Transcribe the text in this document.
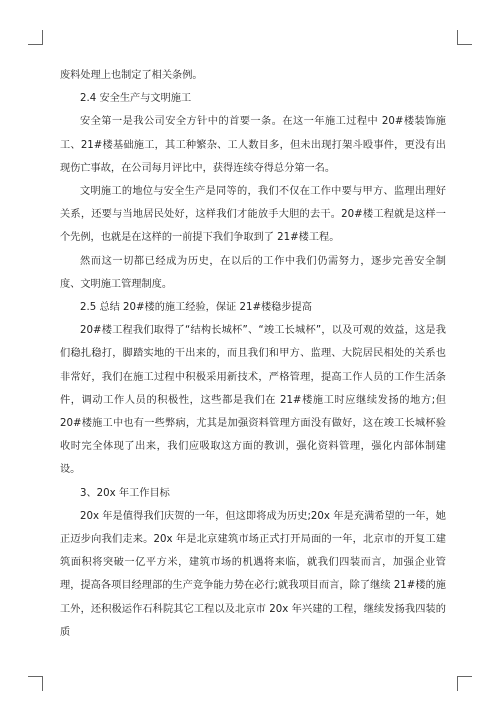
废料处理上也制定了相关条例。

2.4 安全生产与文明施工

安全第一是我公司安全方针中的首要一条。在这一年施工过程中 20#楼装饰施工、21#楼基础施工，其工种繁杂、工人数目多，但未出现打架斗殴事件，更没有出现伤亡事故，在公司每月评比中，获得连续夺得总分第一名。

文明施工的地位与安全生产是同等的，我们不仅在工作中要与甲方、监理出理好关系，还要与当地居民处好，这样我们才能放手大胆的去干。20#楼工程就是这样一个先例，也就是在这样的一前提下我们争取到了 21#楼工程。

然而这一切都已经成为历史，在以后的工作中我们仍需努力，逐步完善安全制度、文明施工管理制度。

2.5 总结 20#楼的施工经验，保证 21#楼稳步提高

20#楼工程我们取得了“结构长城杯”、“竣工长城杯”，以及可观的效益，这是我们稳扎稳打，脚踏实地的干出来的，而且我们和甲方、监理、大院居民相处的关系也非常好，我们在施工过程中积极采用新技术，严格管理，提高工作人员的工作生活条件，调动工作人员的积极性，这些都是我们在 21#楼施工时应继续发扬的地方;但 20#楼施工中也有一些弊病，尤其是加强资料管理方面没有做好，这在竣工长城杯验收时完全体现了出来，我们应吸取这方面的教训，强化资料管理，强化内部体制建设。

3、20x 年工作目标

20x 年是值得我们庆贺的一年，但这即将成为历史;20x 年是充满希望的一年，她正迈步向我们走来。20x 年是北京建筑市场正式打开局面的一年，北京市的开复工建筑面积将突破一亿平方米，建筑市场的机遇将来临，就我们四装而言，加强企业管理，提高各项目经理部的生产竞争能力势在必行;就我项目而言，除了继续 21#楼的施工外，还积极运作石科院其它工程以及北京市 20x 年兴建的工程，继续发扬我四装的质
